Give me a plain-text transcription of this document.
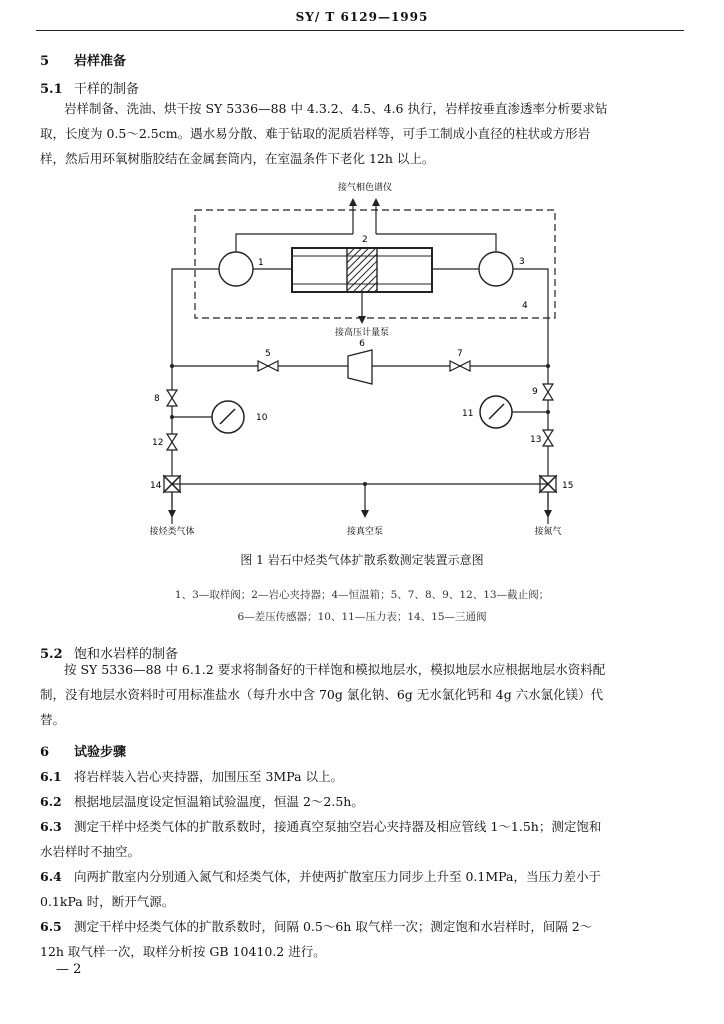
SY/ T 6129—1995
5 岩样准备
5.1 干样的制备
岩样制备、洗油、烘干按 SY 5336—88 中 4.3.2、4.5、4.6 执行，岩样按垂直渗透率分析要求钻
取，长度为 0.5～2.5cm。遇水易分散、难于钻取的泥质岩样等，可手工制成小直径的柱状或方形岩
样，然后用环氧树脂胶结在金属套筒内，在室温条件下老化 12h 以上。
接气相色谱仪
接高压计量泵
1
2
3
4
5
6
7
8
12
9
13
10	11
14	15
接烃类气体	接真空泵	接氮气
图 1 岩石中烃类气体扩散系数测定装置示意图
1、3—取样阀；2—岩心夹持器；4—恒温箱；5、7、8、9、12、13—截止阀；
6—差压传感器；10、11—压力表；14、15—三通阀
5.2 饱和水岩样的制备
按 SY 5336—88 中 6.1.2 要求将制备好的干样饱和模拟地层水，模拟地层水应根据地层水资料配
制，没有地层水资料时可用标准盐水（每升水中含 70g 氯化钠、6g 无水氯化钙和 4g 六水氯化镁）代
替。
6 试验步骤
6.1 将岩样装入岩心夹持器，加围压至 3MPa 以上。
6.2 根据地层温度设定恒温箱试验温度，恒温 2～2.5h。
6.3 测定干样中烃类气体的扩散系数时，接通真空泵抽空岩心夹持器及相应管线 1～1.5h；测定饱和
水岩样时不抽空。
6.4 向两扩散室内分别通入氮气和烃类气体，并使两扩散室压力同步上升至 0.1MPa，当压力差小于
0.1kPa 时，断开气源。
6.5 测定干样中烃类气体的扩散系数时，间隔 0.5～6h 取气样一次；测定饱和水岩样时，间隔 2～
12h 取气样一次，取样分析按 GB 10410.2 进行。
— 2
